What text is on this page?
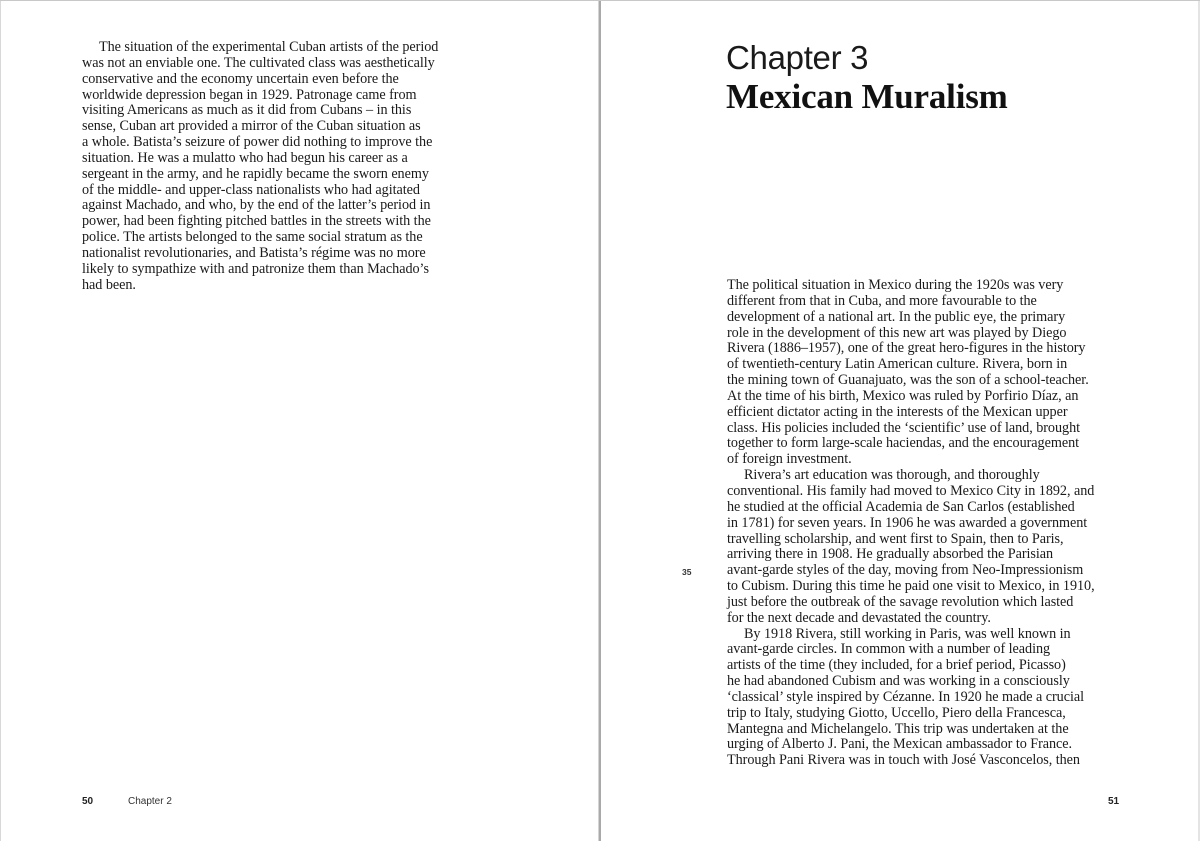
The situation of the experimental Cuban artists of the period
was not an enviable one. The cultivated class was aesthetically
conservative and the economy uncertain even before the
worldwide depression began in 1929. Patronage came from
visiting Americans as much as it did from Cubans – in this
sense, Cuban art provided a mirror of the Cuban situation as
a whole. Batista’s seizure of power did nothing to improve the
situation. He was a mulatto who had begun his career as a
sergeant in the army, and he rapidly became the sworn enemy
of the middle- and upper-class nationalists who had agitated
against Machado, and who, by the end of the latter’s period in
power, had been fighting pitched battles in the streets with the
police. The artists belonged to the same social stratum as the
nationalist revolutionaries, and Batista’s régime was no more
likely to sympathize with and patronize them than Machado’s
had been.
50	Chapter 2
Chapter 3
Mexican Muralism
The political situation in Mexico during the 1920s was very
different from that in Cuba, and more favourable to the
development of a national art. In the public eye, the primary
role in the development of this new art was played by Diego
Rivera (1886–1957), one of the great hero-figures in the history
of twentieth-century Latin American culture. Rivera, born in
the mining town of Guanajuato, was the son of a school-teacher.
At the time of his birth, Mexico was ruled by Porfirio Díaz, an
efficient dictator acting in the interests of the Mexican upper
class. His policies included the ‘scientific’ use of land, brought
together to form large-scale haciendas, and the encouragement
of foreign investment.
Rivera’s art education was thorough, and thoroughly
conventional. His family had moved to Mexico City in 1892, and
he studied at the official Academia de San Carlos (established
in 1781) for seven years. In 1906 he was awarded a government
travelling scholarship, and went first to Spain, then to Paris,
arriving there in 1908. He gradually absorbed the Parisian
avant-garde styles of the day, moving from Neo-Impressionism
to Cubism. During this time he paid one visit to Mexico, in 1910,
just before the outbreak of the savage revolution which lasted
for the next decade and devastated the country.
By 1918 Rivera, still working in Paris, was well known in
avant-garde circles. In common with a number of leading
artists of the time (they included, for a brief period, Picasso)
he had abandoned Cubism and was working in a consciously
‘classical’ style inspired by Cézanne. In 1920 he made a crucial
trip to Italy, studying Giotto, Uccello, Piero della Francesca,
Mantegna and Michelangelo. This trip was undertaken at the
urging of Alberto J. Pani, the Mexican ambassador to France.
Through Pani Rivera was in touch with José Vasconcelos, then
35
51
